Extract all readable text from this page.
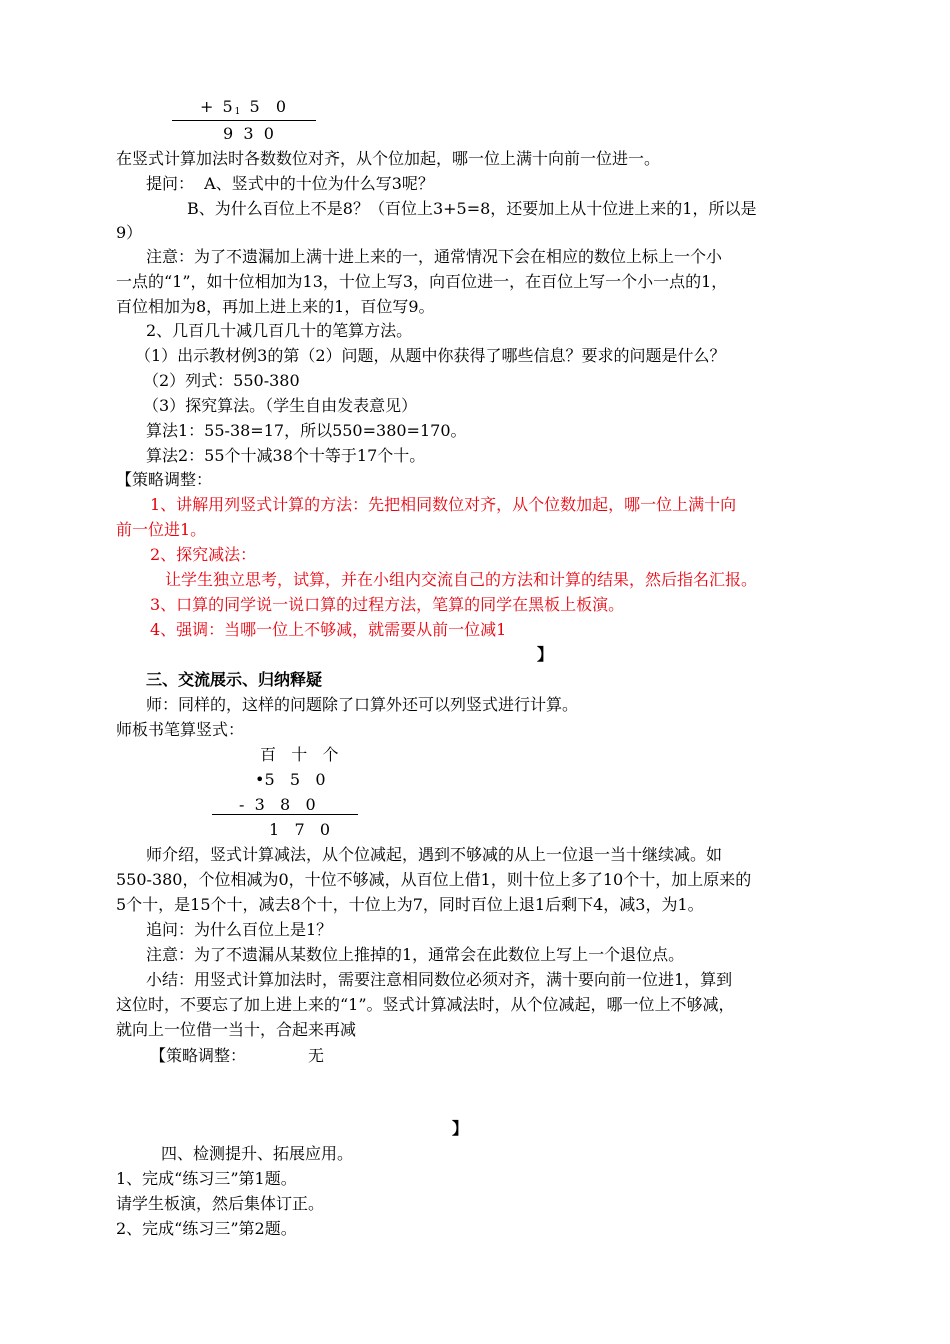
+ $5_1$ 5  0
9  3  0
在竖式计算加法时各数数位对齐，从个位加起，哪一位上满十向前一位进一。
提问：  A、竖式中的十位为什么写3呢？
B、为什么百位上不是8？（百位上3+5=8，还要加上从十位进上来的1，所以是
9）
注意：为了不遗漏加上满十进上来的一，通常情况下会在相应的数位上标上一个小
一点的“1”，如十位相加为13，十位上写3，向百位进一，在百位上写一个小一点的1，
百位相加为8，再加上进上来的1，百位写9。
2、几百几十减几百几十的笔算方法。
（1）出示教材例3的第（2）问题，从题中你获得了哪些信息？要求的问题是什么？
（2）列式：550-380
（3）探究算法。（学生自由发表意见）
算法1：55-38=17，所以550=380=170。
算法2：55个十减38个十等于17个十。
【策略调整：
1、讲解用列竖式计算的方法：先把相同数位对齐，从个位数加起，哪一位上满十向
前一位进1。
2、探究减法：
让学生独立思考，试算，并在小组内交流自己的方法和计算的结果，然后指名汇报。
3、口算的同学说一说口算的过程方法，笔算的同学在黑板上板演。
4、强调：当哪一位上不够减，就需要从前一位减1
】
三、交流展示、归纳释疑
师：同样的，这样的问题除了口算外还可以列竖式进行计算。
师板书笔算竖式：
百   十   个
•5   5   0
-  3   8   0
1   7   0
师介绍，竖式计算减法，从个位减起，遇到不够减的从上一位退一当十继续减。如
550-380，个位相减为0，十位不够减，从百位上借1，则十位上多了10个十，加上原来的
5个十，是15个十，减去8个十，十位上为7，同时百位上退1后剩下4，减3，为1。
追问：为什么百位上是1？
注意：为了不遗漏从某数位上推掉的1，通常会在此数位上写上一个退位点。
小结：用竖式计算加法时，需要注意相同数位必须对齐，满十要向前一位进1，算到
这位时，不要忘了加上进上来的“1”。竖式计算减法时，从个位减起，哪一位上不够减，
就向上一位借一当十，合起来再减
【策略调整：	无
】
四、检测提升、拓展应用。
1、完成“练习三”第1题。
请学生板演，然后集体订正。
2、完成“练习三”第2题。
